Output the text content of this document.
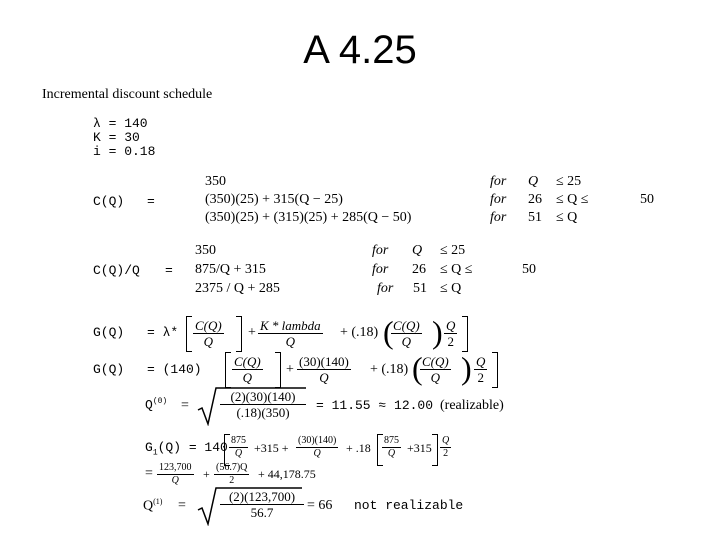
A 4.25
Incremental discount schedule
λ = 140
K = 30
i = 0.18
C(Q) =
350	for Q ≤ 25
(350)(25) + 315(Q − 25)	for 26 ≤ Q ≤	50
(350)(25) + (315)(25) + 285(Q − 50)	for 51 ≤ Q
C(Q)/Q =
350	for Q ≤ 25
875/Q + 315	for 26 ≤ Q ≤	50
2375 / Q + 285	for 51 ≤ Q
$G(Q) = \lambda* \frac{C(Q)}{Q} + K$ * lambda
Q
+ (.18) (
$\frac{C(Q)}{Q}$ ) $\frac{Q}{2}$
$G(Q) = (140) \frac{C(Q)}{Q} + \frac{(30)(140)}{Q} + (.18)$ (
$\frac{C(Q)}{Q}$ ) $\frac{Q}{2}$
$Q^{(0)} = \frac{(2)(30)(140)}{(.18)(350)} = 11.55 \approx 12.00$ (realizable)
$G_1(Q) = 140 \frac{875}{Q} +315 + \frac{(30)(140)}{Q} + .18 \frac{875}{Q} +315 \frac{Q}{2}$
= $\frac{123,700}{Q} + \frac{(56.7)Q}{2} + 44,178.75$
$Q^{(1)}$ =	$\frac{(2)(123,700)}{56.7} = 66$ not realizable
